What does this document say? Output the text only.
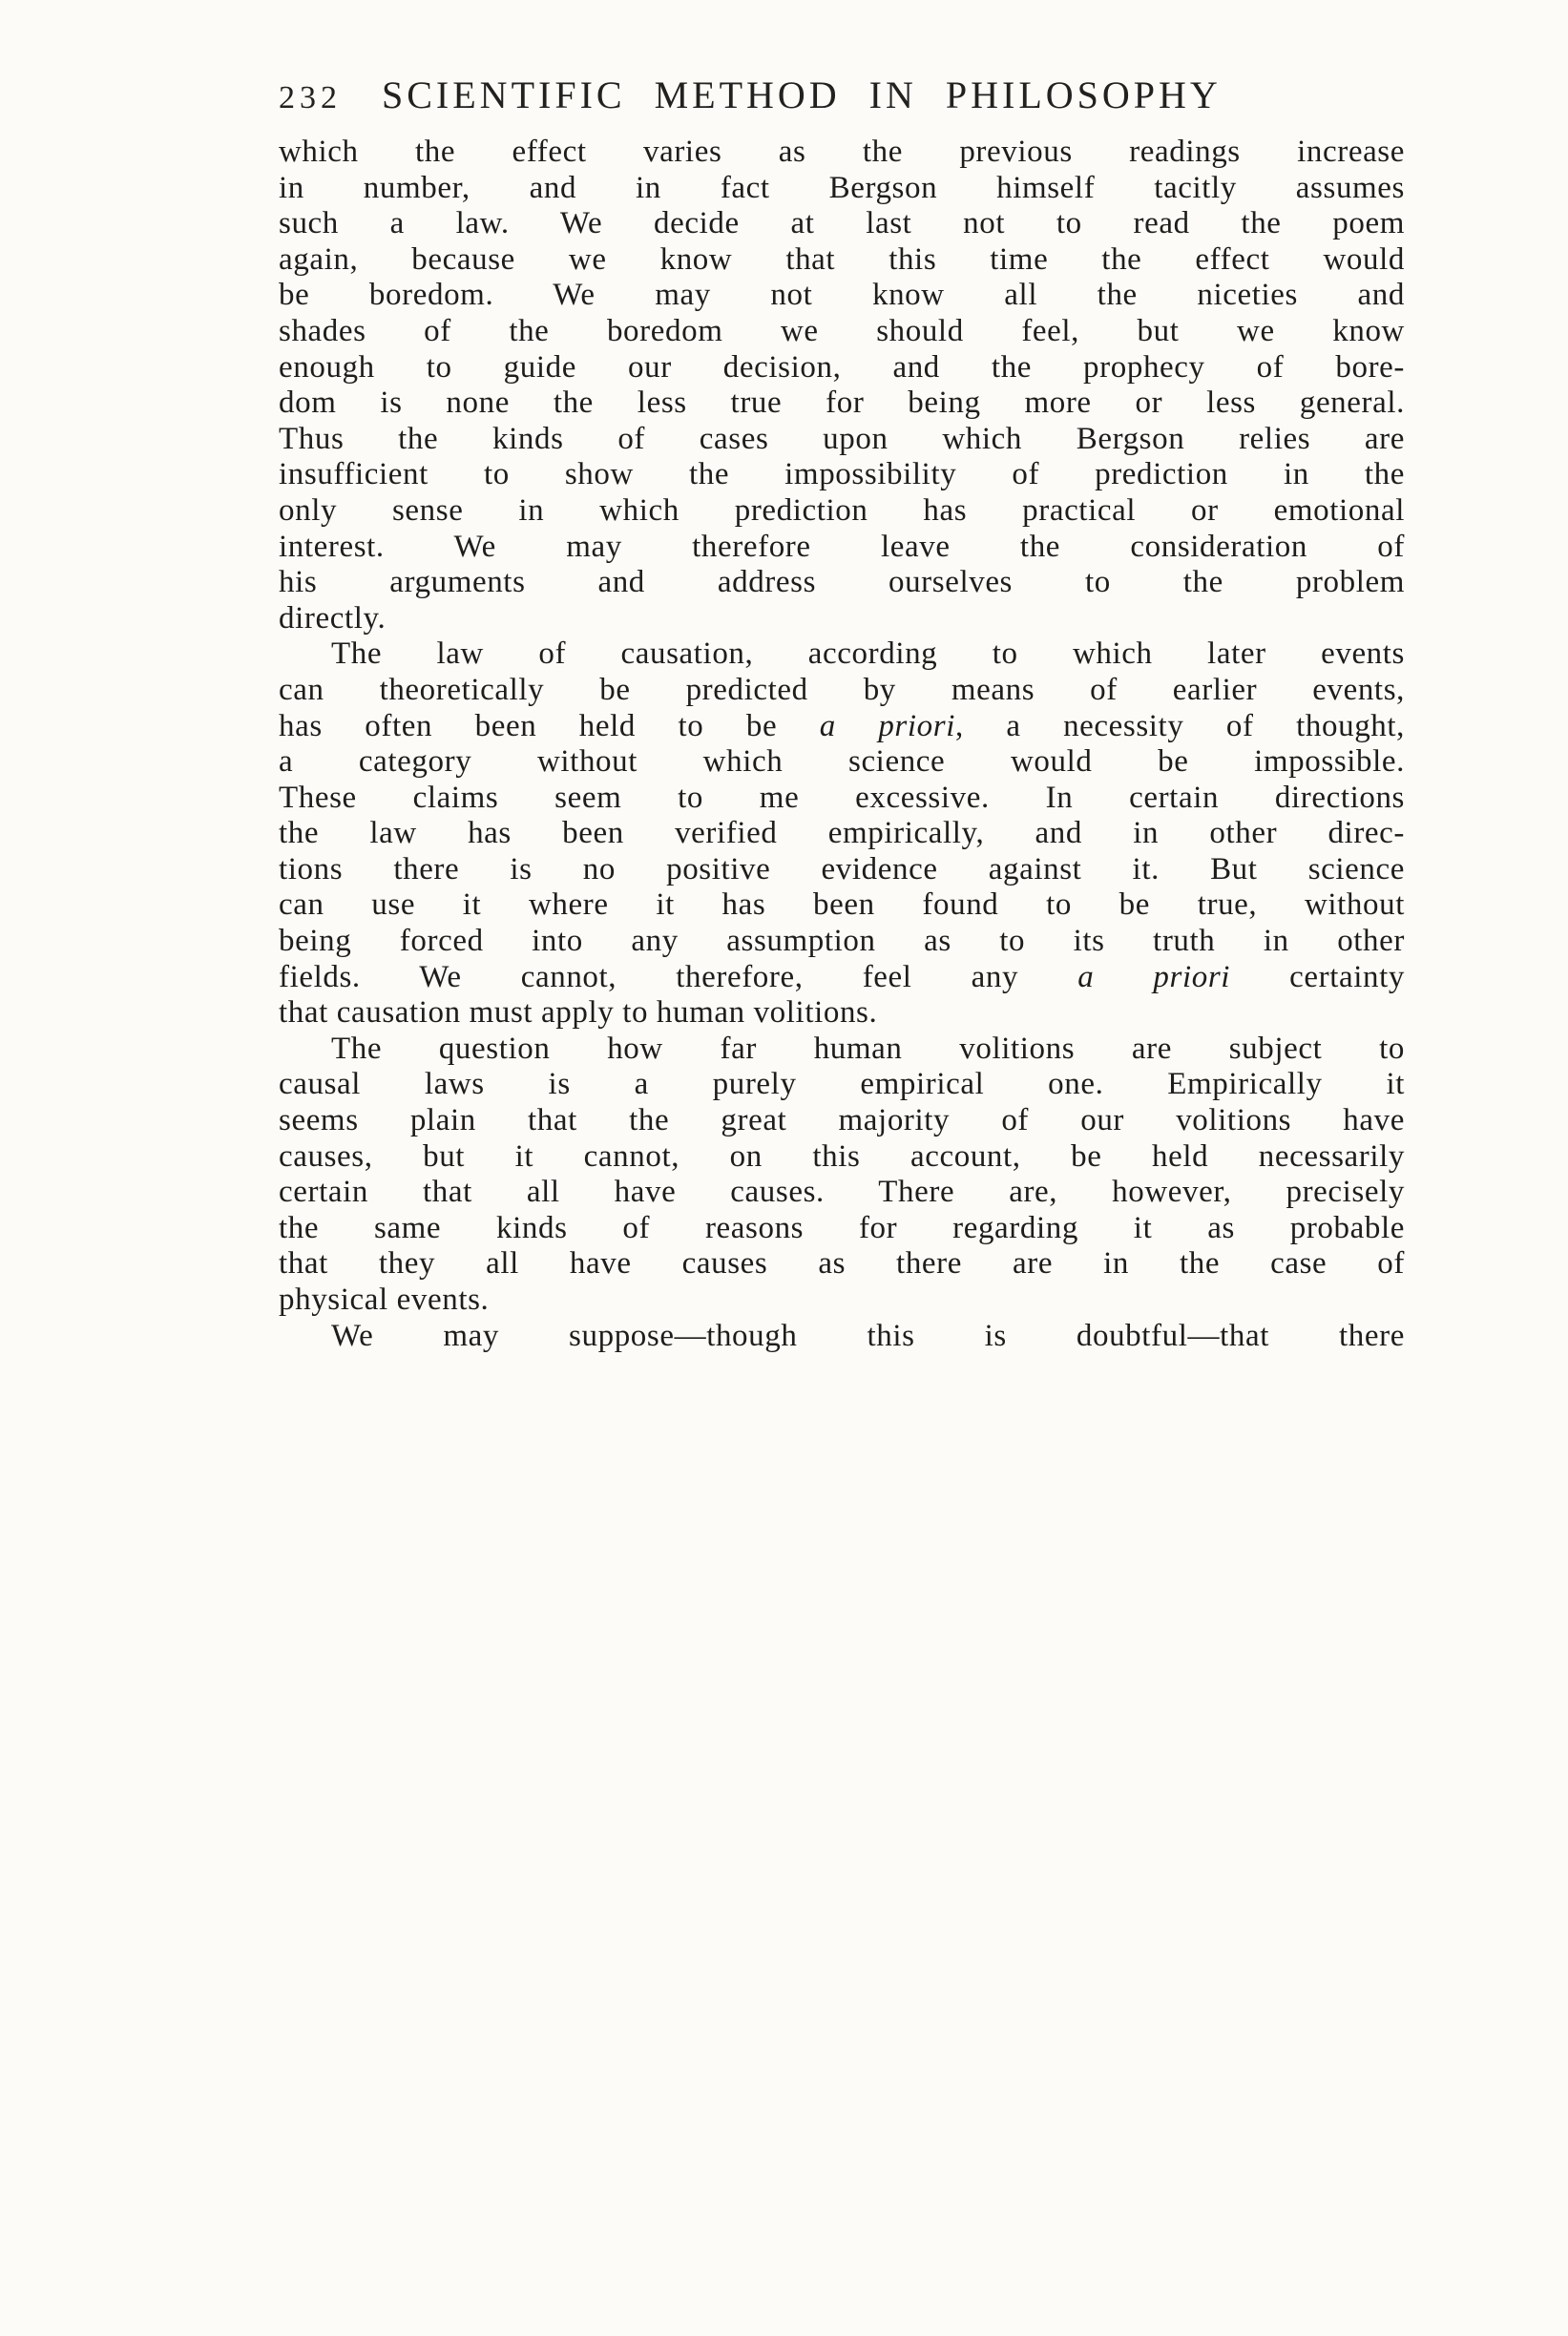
232 SCIENTIFIC METHOD IN PHILOSOPHY
which the effect varies as the previous readings increase
in number, and in fact Bergson himself tacitly assumes
such a law. We decide at last not to read the poem
again, because we know that this time the effect would
be boredom. We may not know all the niceties and
shades of the boredom we should feel, but we know
enough to guide our decision, and the prophecy of bore-
dom is none the less true for being more or less general.
Thus the kinds of cases upon which Bergson relies are
insufficient to show the impossibility of prediction in the
only sense in which prediction has practical or emotional
interest. We may therefore leave the consideration of
his arguments and address ourselves to the problem
directly.
The law of causation, according to which later events
can theoretically be predicted by means of earlier events,
has often been held to be a priori, a necessity of thought,
a category without which science would be impossible.
These claims seem to me excessive. In certain directions
the law has been verified empirically, and in other direc-
tions there is no positive evidence against it. But science
can use it where it has been found to be true, without
being forced into any assumption as to its truth in other
fields. We cannot, therefore, feel any a priori certainty
that causation must apply to human volitions.
The question how far human volitions are subject to
causal laws is a purely empirical one. Empirically it
seems plain that the great majority of our volitions have
causes, but it cannot, on this account, be held necessarily
certain that all have causes. There are, however, precisely
the same kinds of reasons for regarding it as probable
that they all have causes as there are in the case of
physical events.
We may suppose—though this is doubtful—that there
